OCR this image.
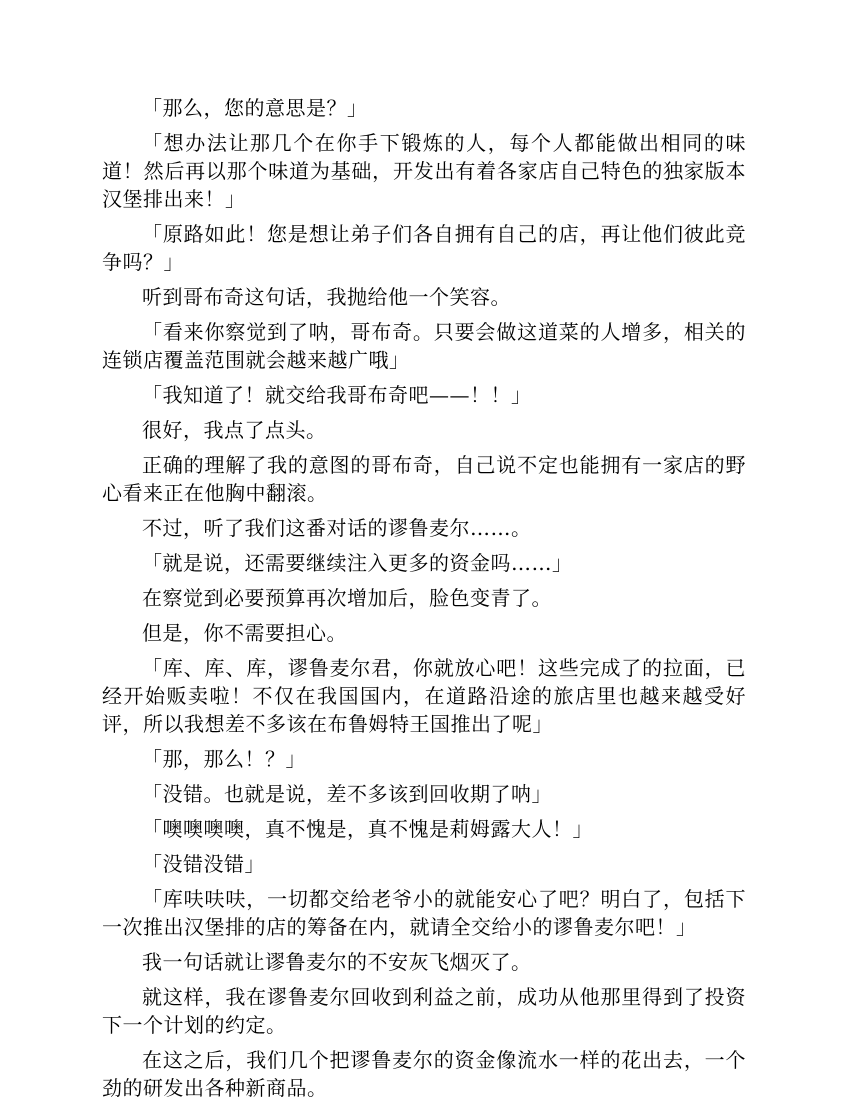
「那么，您的意思是？」

「想办法让那几个在你手下锻炼的人，每个人都能做出相同的味道！然后再以那个味道为基础，开发出有着各家店自己特色的独家版本汉堡排出来！」

「原路如此！您是想让弟子们各自拥有自己的店，再让他们彼此竞争吗？」

听到哥布奇这句话，我抛给他一个笑容。

「看来你察觉到了呐，哥布奇。只要会做这道菜的人增多，相关的连锁店覆盖范围就会越来越广哦」

「我知道了！就交给我哥布奇吧——！！」

很好，我点了点头。

正确的理解了我的意图的哥布奇，自己说不定也能拥有一家店的野心看来正在他胸中翻滚。

不过，听了我们这番对话的谬鲁麦尔……。

「就是说，还需要继续注入更多的资金吗……」

在察觉到必要预算再次增加后，脸色变青了。

但是，你不需要担心。

「库、库、库，谬鲁麦尔君，你就放心吧！这些完成了的拉面，已经开始贩卖啦！不仅在我国国内，在道路沿途的旅店里也越来越受好评，所以我想差不多该在布鲁姆特王国推出了呢」

「那，那么！？」

「没错。也就是说，差不多该到回收期了呐」

「噢噢噢噢，真不愧是，真不愧是莉姆露大人！」

「没错没错」

「库呋呋呋，一切都交给老爷小的就能安心了吧？明白了，包括下一次推出汉堡排的店的筹备在内，就请全交给小的谬鲁麦尔吧！」

我一句话就让谬鲁麦尔的不安灰飞烟灭了。

就这样，我在谬鲁麦尔回收到利益之前，成功从他那里得到了投资下一个计划的约定。

在这之后，我们几个把谬鲁麦尔的资金像流水一样的花出去，一个劲的研发出各种新商品。
